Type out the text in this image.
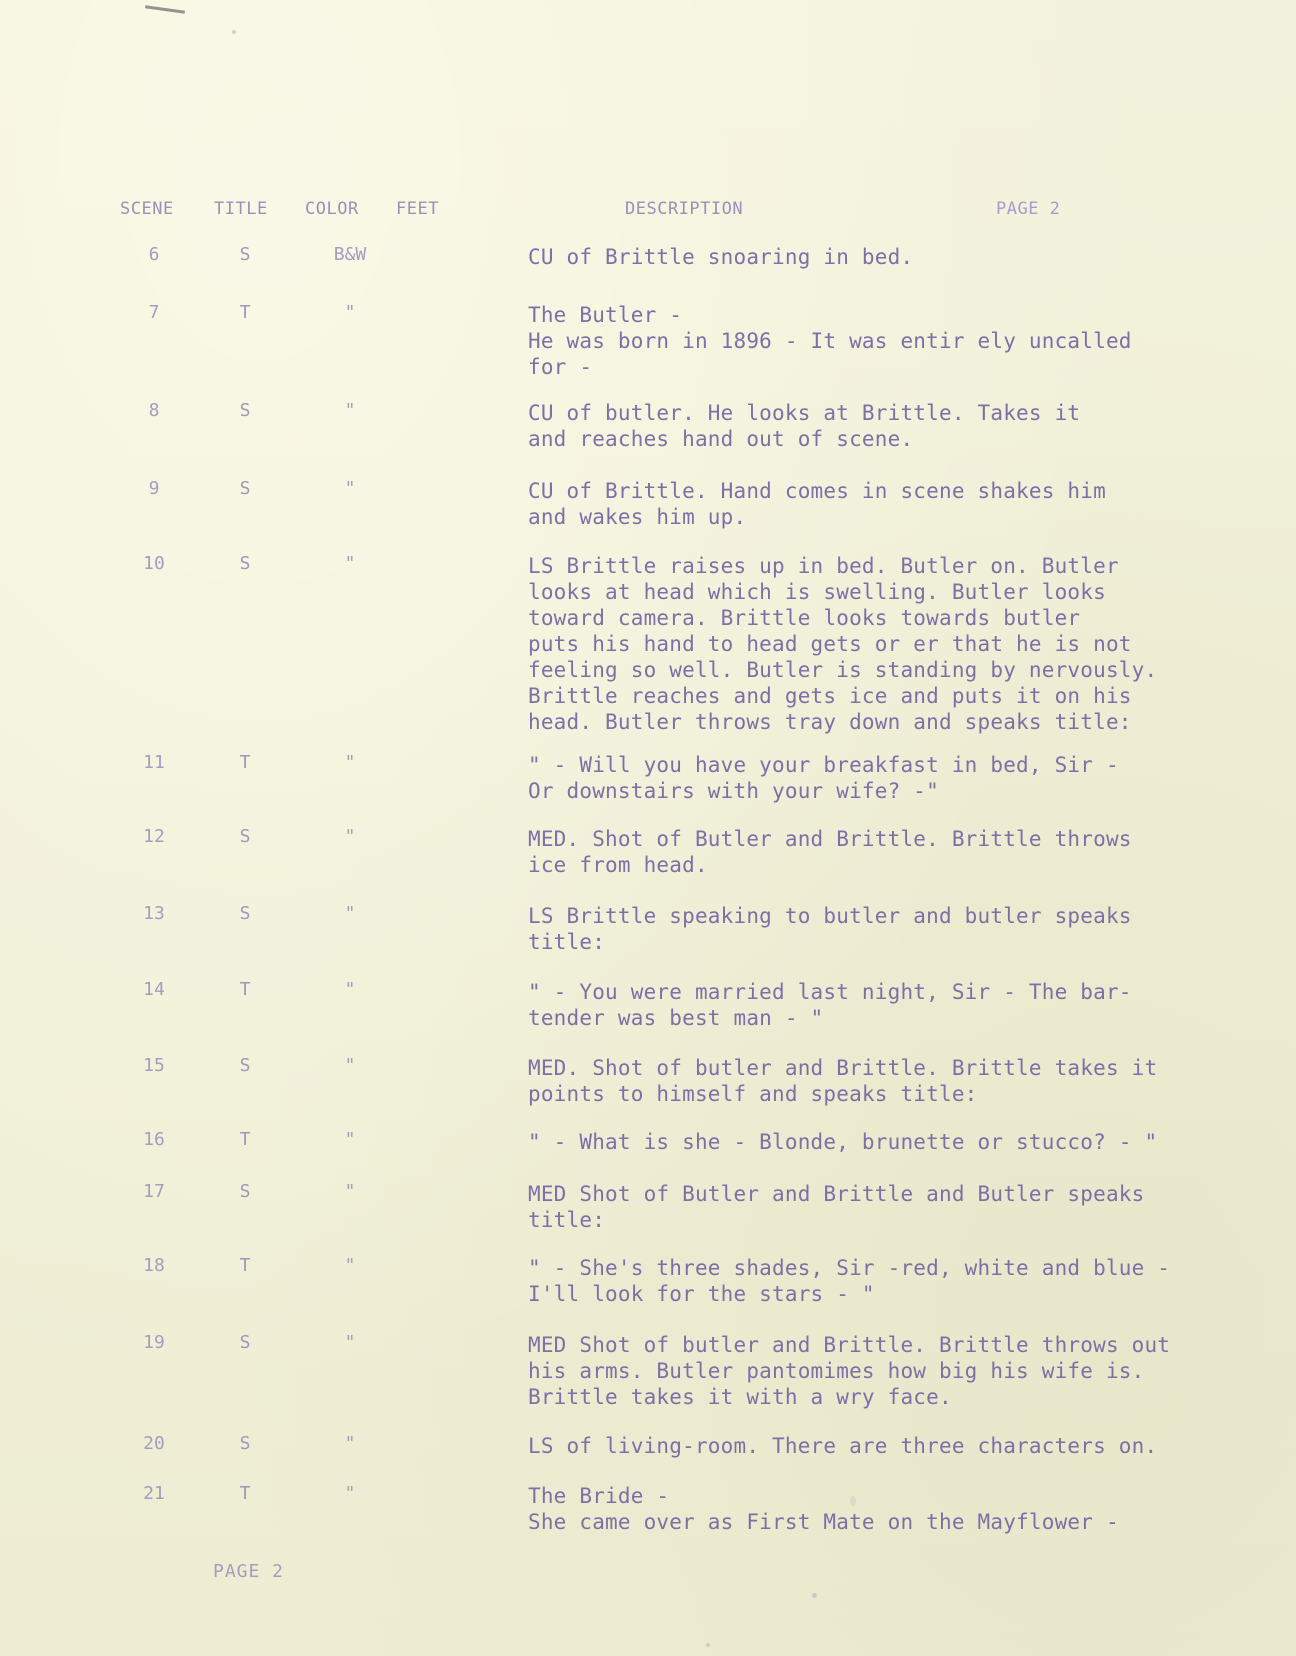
SCENE TITLE COLOR FEET	DESCRIPTION	PAGE 2
6	S	B&W	CU of Brittle snoaring in bed.
7	T	"	The Butler -
He was born in 1896 - It was entir ely uncalled
for -
8	S	"	CU of butler. He looks at Brittle. Takes it
and reaches hand out of scene.
9	S	"	CU of Brittle. Hand comes in scene shakes him
and wakes him up.
10	S	"	LS Brittle raises up in bed. Butler on. Butler
looks at head which is swelling. Butler looks
toward camera. Brittle looks towards butler
puts his hand to head gets or er that he is not
feeling so well. Butler is standing by nervously.
Brittle reaches and gets ice and puts it on his
head. Butler throws tray down and speaks title:
11	T	"	" - Will you have your breakfast in bed, Sir -
Or downstairs with your wife? -"
12	S	"	MED. Shot of Butler and Brittle. Brittle throws
ice from head.
13	S	"	LS Brittle speaking to butler and butler speaks
title:
14	T	"	" - You were married last night, Sir - The bar-
tender was best man - "
15	S	"	MED. Shot of butler and Brittle. Brittle takes it
points to himself and speaks title:
16	T	"	" - What is she - Blonde, brunette or stucco? - "
17	S	"	MED Shot of Butler and Brittle and Butler speaks
title:
18	T	"	" - She's three shades, Sir -red, white and blue -
I'll look for the stars - "
19	S	"	MED Shot of butler and Brittle. Brittle throws out
his arms. Butler pantomimes how big his wife is.
Brittle takes it with a wry face.
20	S	"	LS of living-room. There are three characters on.
21	T	"	The Bride -
She came over as First Mate on the Mayflower -
PAGE 2
